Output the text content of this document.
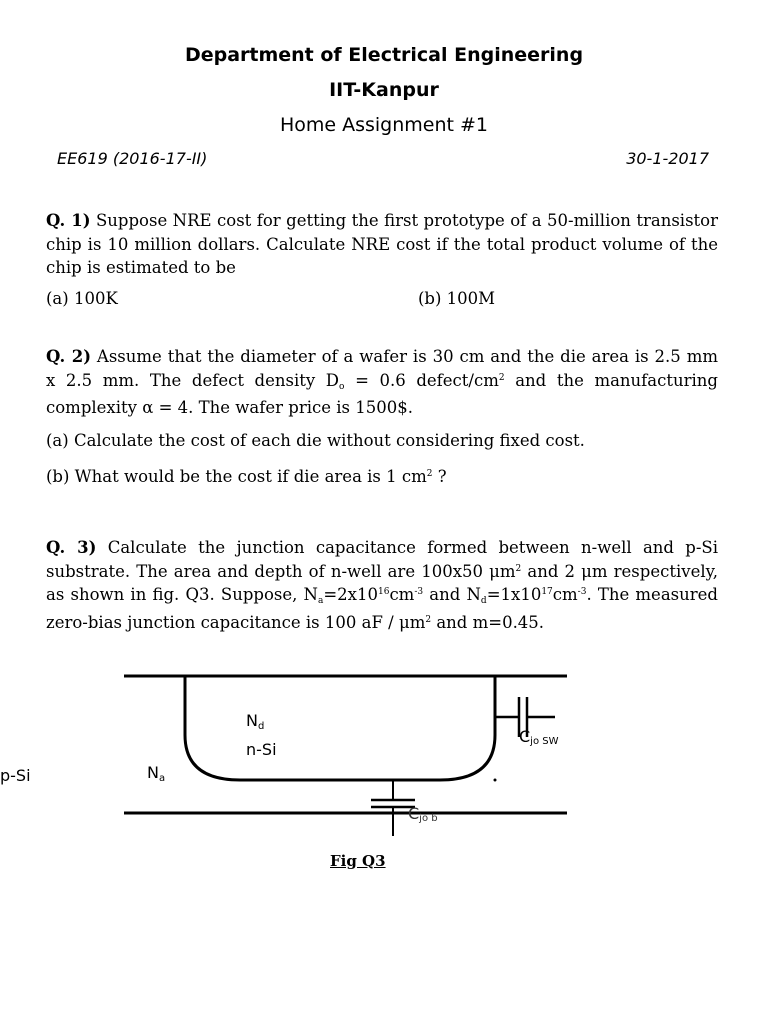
Department of Electrical Engineering
IIT-Kanpur
Home Assignment #1
EE619 (2016-17-II)	30-1-2017
Q. 1) Suppose NRE cost for getting the first prototype of a 50-million transistor chip is 10 million dollars. Calculate NRE cost if the total product volume of the chip is estimated to be
(a) 100K	(b) 100M
Q. 2) Assume that the diameter of a wafer is 30 cm and the die area is 2.5 mm x 2.5 mm. The defect density $D_o = 0.6$ defect/$cm^2$ and the manufacturing complexity α = 4. The wafer price is 1500$.
(a) Calculate the cost of each die without considering fixed cost.
(b) What would be the cost if die area is 1 $cm^2$ ?
Q. 3) Calculate the junction capacitance formed between n-well and p-Si substrate. The area and depth of n-well are 100x50 $\mu m^2$ and 2 μm respectively, as shown in fig. Q3. Suppose, $N_a=2x10^{16}cm^{-3}$ and $N_d=1x10^{17}cm^{-3}$. The measured zero-bias junction capacitance is 100 aF / $\mu m^2$ and m=0.45.
Nd
n-Si
Na
p-Si
Cjo SW
Cjo b
Fig Q3
